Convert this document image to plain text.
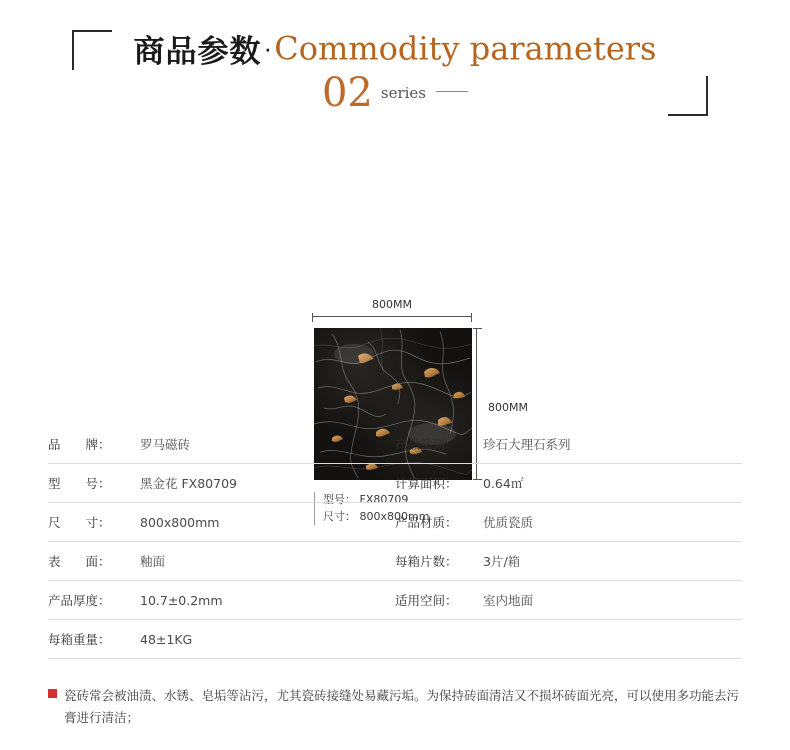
商品参数·Commodity parameters
02 series
800MM
800MM
型号： FX80709
尺寸： 800x800mm
品　　牌：	罗马磁砖	产品系列：	珍石大理石系列
型　　号：	黑金花 FX80709	计算面积：	0.64㎡
尺　　寸：	800x800mm	产品材质：	优质瓷质
表　　面：	釉面	每箱片数：	3片/箱
产品厚度：	10.7±0.2mm	适用空间：	室内地面
每箱重量：	48±1KG
瓷砖常会被油渍、水锈、皂垢等沾污，尤其瓷砖接缝处易藏污垢。为保持砖面清洁又不损坏砖面光亮，可以使用多功能去污膏进行清洁；
